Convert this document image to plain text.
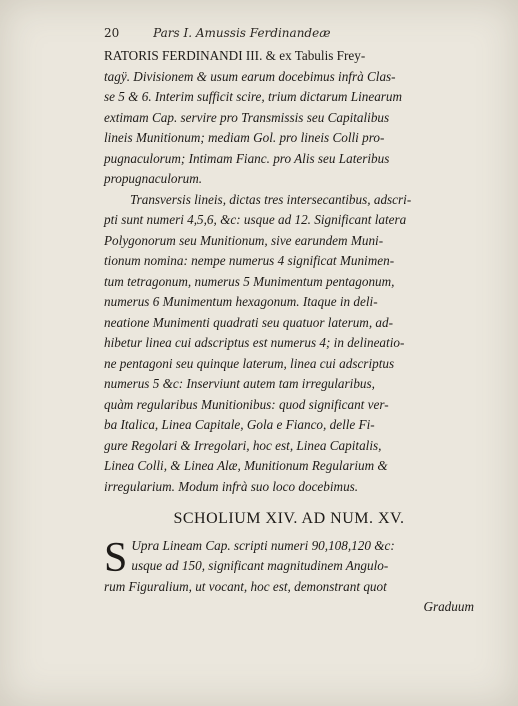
20	Pars I. Amussis Ferdinandeæ

RATORIS FERDINANDI III. & ex Tabulis Frey-
tagÿ. Divisionem & usum earum docebimus infrà Clas-
se 5 & 6. Interim sufficit scire, trium dictarum Linearum
extimam Cap. servire pro Transmissis seu Capitalibus
lineis Munitionum; mediam Gol. pro lineis Colli pro-
pugnaculorum; Intimam Fianc. pro Alis seu Lateribus
propugnaculorum.

Transversis lineis, dictas tres intersecantibus, adscri-
pti sunt numeri 4,5,6, &c: usque ad 12. Significant latera
Polygonorum seu Munitionum, sive earundem Muni-
tionum nomina: nempe numerus 4 significat Munimen-
tum tetragonum, numerus 5 Munimentum pentagonum,
numerus 6 Munimentum hexagonum. Itaque in deli-
neatione Munimenti quadrati seu quatuor laterum, ad-
hibetur linea cui adscriptus est numerus 4; in delineatio-
ne pentagoni seu quinque laterum, linea cui adscriptus
numerus 5 &c: Inserviunt autem tam irregularibus,
quàm regularibus Munitionibus: quod significant ver-
ba Italica, Linea Capitale, Gola e Fianco, delle Fi-
gure Regolari & Irregolari, hoc est, Linea Capitalis,
Linea Colli, & Linea Alæ, Munitionum Regularium &
irregularium. Modum infrà suo loco docebimus.

SCHOLIUM XIV. AD NUM. XV.

S Upra Lineam Cap. scripti numeri 90,108,120 &c:
usque ad 150, significant magnitudinem Angulo-
rum Figuralium, ut vocant, hoc est, demonstrant quot

Graduum
